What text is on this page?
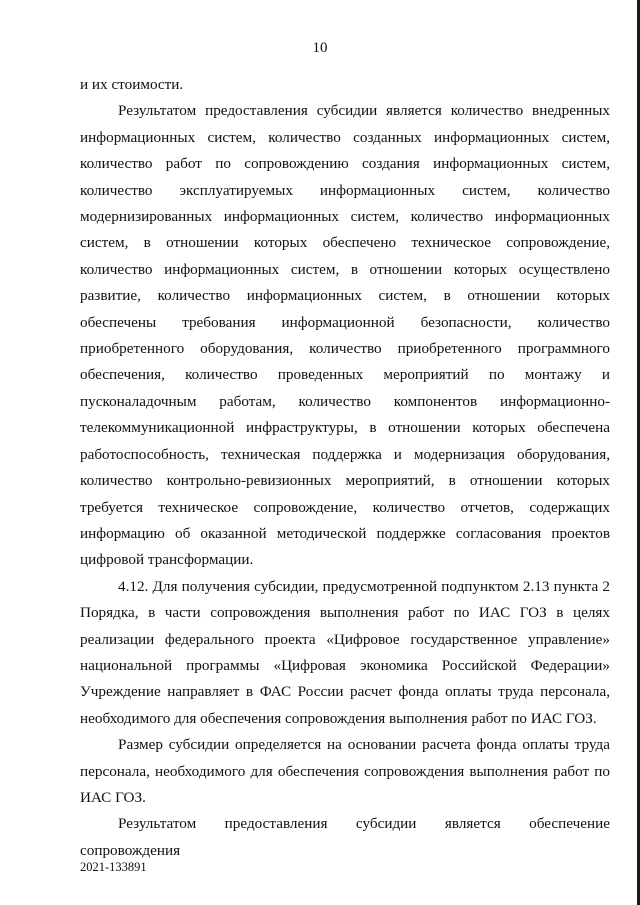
10

и их стоимости.

Результатом предоставления субсидии является количество внедренных информационных систем, количество созданных информационных систем, количество работ по сопровождению создания информационных систем, количество эксплуатируемых информационных систем, количество модернизированных информационных систем, количество информационных систем, в отношении которых обеспечено техническое сопровождение, количество информационных систем, в отношении которых осуществлено развитие, количество информационных систем, в отношении которых обеспечены требования информационной безопасности, количество приобретенного оборудования, количество приобретенного программного обеспечения, количество проведенных мероприятий по монтажу и пусконаладочным работам, количество компонентов информационно-телекоммуникационной инфраструктуры, в отношении которых обеспечена работоспособность, техническая поддержка и модернизация оборудования, количество контрольно-ревизионных мероприятий, в отношении которых требуется техническое сопровождение, количество отчетов, содержащих информацию об оказанной методической поддержке согласования проектов цифровой трансформации.

4.12. Для получения субсидии, предусмотренной подпунктом 2.13 пункта 2 Порядка, в части сопровождения выполнения работ по ИАС ГОЗ в целях реализации федерального проекта «Цифровое государственное управление» национальной программы «Цифровая экономика Российской Федерации» Учреждение направляет в ФАС России расчет фонда оплаты труда персонала, необходимого для обеспечения сопровождения выполнения работ по ИАС ГОЗ.

Размер субсидии определяется на основании расчета фонда оплаты труда персонала, необходимого для обеспечения сопровождения выполнения работ по ИАС ГОЗ.

Результатом предоставления субсидии является обеспечение сопровождения

2021-133891
